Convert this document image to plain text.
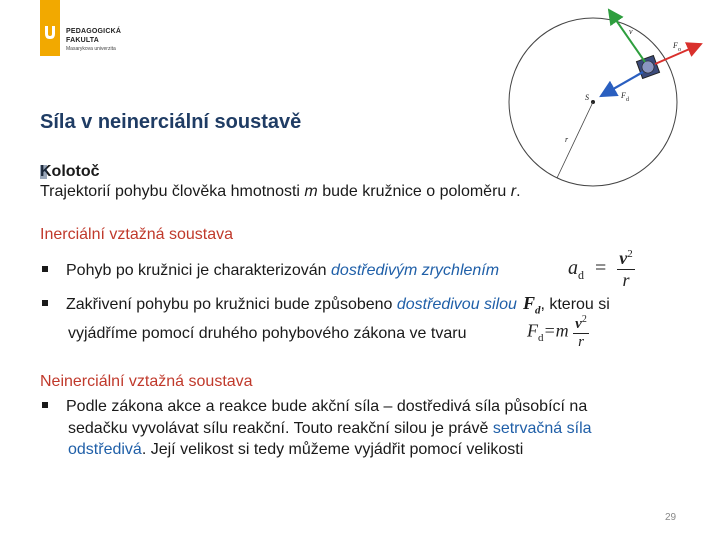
PEDAGOGICKÁ
FAKULTA
Masarykova univerzita
v
F o
F d
S
r
Síla v neinerciální soustavě
Kolotoč
Trajektorií pohybu člověka hmotnosti m bude kružnice o poloměru r.
Inerciální vztažná soustava
Pohyb po kružnici je charakterizován dostředivým zrychlením	$a_d = \frac{v^2}{r}$
Zakřivení pohybu po kružnici bude způsobeno dostředivou silou $F_d$, kterou si
vyjádříme pomocí druhého pohybového zákona ve tvaru	$F_d=m \frac{v^2}{r}$
Neinerciální vztažná soustava
Podle zákona akce a reakce bude akční síla – dostředivá síla působící na
sedačku vyvolávat sílu reakční. Touto reakční silou je právě setrvačná síla
odstředivá. Její velikost si tedy můžeme vyjádřit pomocí velikosti
29
